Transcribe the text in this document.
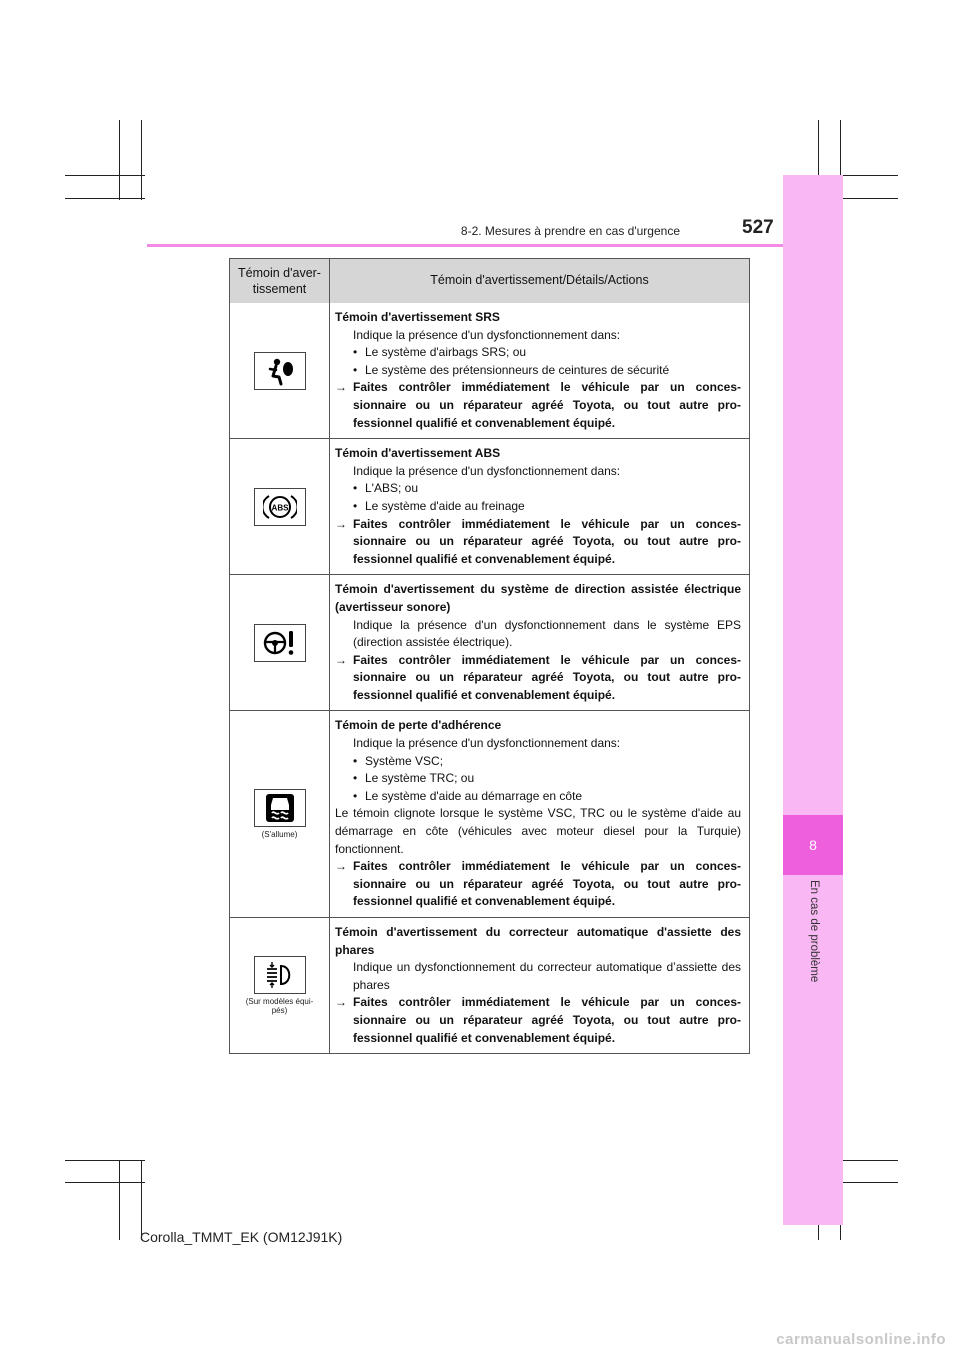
8
En cas de problème
8-2. Mesures à prendre en cas d'urgence	527
Témoin d'aver-tissement
Témoin d'avertissement/Détails/Actions
Témoin d'avertissement SRS
Indique la présence d'un dysfonctionnement dans:
• Le système d'airbags SRS; ou
• Le système des prétensionneurs de ceintures de sécurité
→ Faites contrôler immédiatement le véhicule par un conces-sionnaire ou un réparateur agréé Toyota, ou tout autre pro-fessionnel qualifié et convenablement équipé.
ABS
Témoin d'avertissement ABS
Indique la présence d'un dysfonctionnement dans:
• L'ABS; ou
• Le système d'aide au freinage
→ Faites contrôler immédiatement le véhicule par un conces-sionnaire ou un réparateur agréé Toyota, ou tout autre pro-fessionnel qualifié et convenablement équipé.
Témoin d'avertissement du système de direction assistée électrique (avertisseur sonore)
Indique la présence d'un dysfonctionnement dans le système EPS (direction assistée électrique).
→ Faites contrôler immédiatement le véhicule par un conces-sionnaire ou un réparateur agréé Toyota, ou tout autre pro-fessionnel qualifié et convenablement équipé.
(S'allume)
Témoin de perte d'adhérence
Indique la présence d'un dysfonctionnement dans:
• Système VSC;
• Le système TRC; ou
• Le système d'aide au démarrage en côte
Le témoin clignote lorsque le système VSC, TRC ou le système d'aide au démarrage en côte (véhicules avec moteur diesel pour la Turquie) fonctionnent.
→ Faites contrôler immédiatement le véhicule par un conces-sionnaire ou un réparateur agréé Toyota, ou tout autre pro-fessionnel qualifié et convenablement équipé.
(Sur modèles équi-pés)
Témoin d'avertissement du correcteur automatique d'assiette des phares
Indique un dysfonctionnement du correcteur automatique d’assiette des phares
→ Faites contrôler immédiatement le véhicule par un conces-sionnaire ou un réparateur agréé Toyota, ou tout autre pro-fessionnel qualifié et convenablement équipé.
Corolla_TMMT_EK (OM12J91K)
carmanualsonline.info
